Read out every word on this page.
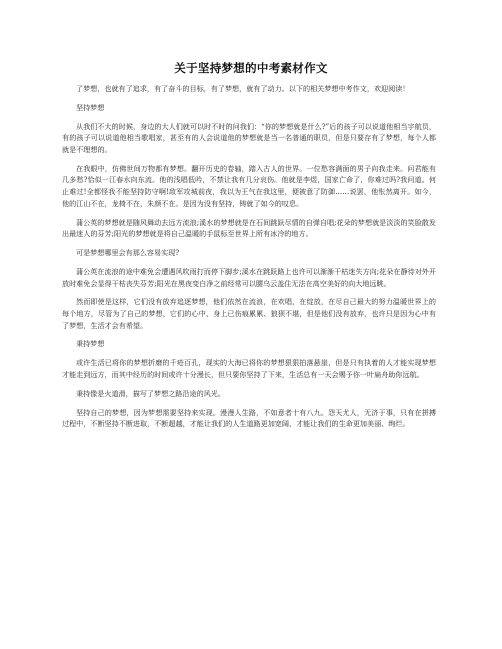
关于坚持梦想的中考素材作文

了梦想，也就有了追求，有了奋斗的目标，有了梦想，就有了动力。以下的相关梦想中考作文，欢迎阅读！

坚持梦想

从我们不大的时候，身边的大人们就可以时不时的问我们：“你的梦想就是什么?”后的孩子可以说道他相当宇航员，有的孩子可以说道他相当歌唱家，甚至有的人会说道他的梦想就是当一名普通的职员，但是只要存有了梦想，每个人都就是不理想的。

在我眼中，仿佛世间万物都有梦想。翻开历史的卷轴，踏入古人的世界。一位愁容满面的男子向我走来。问君能有几多愁?恰似一江春水向东流。他的浅唱低吟，不禁让我有几分哀伤。他就是李煜，国家亡命了，你难过吗?我问道。何止难过!全都怪我不能坚持防守啊!敌军攻城前夜，我以为王气在我这里，便被意了防御……说罢，他怅然离开。如今，他的江山不在，龙椅不在，朱颜不在。是因为没有坚持，铸就了如今的叹息。

蒲公英的梦想就是随风舞动去远方流浪;溪水的梦想就是在石间跳跃尽情的自弹自唱;花朵的梦想就是淡淡的笑脸散发出最迷人的芬芳;阳光的梦想就是将自己温暖的手鼠标至世界上所有冰冷的地方。

可是梦想哪里会有那么容易实现?

蒲公英在流浪的途中难免会遭遇风吹雨打而停下脚步;溪水在跳跃路上也许可以渐渐干枯迷失方向;花朵在静待对外开放时难免会显得干枯丧失芬芳;阳光在黑夜变白净之前经常可以腰乌云盖住无法在高空美好的向大地远眺。

然而即使是这样，它们没有放弃追逐梦想，他们依然在流浪，在欢唱，在绽放，在尽自己最大的努力温暖世界上的每个地方，尽管为了自己的梦想，它们的心中、身上已伤痕累累、狼狈不堪，但是他们没有放弃，也许只是因为心中有了梦想，生活才会有希望。

秉持梦想

或许生活已将你的梦想折磨的千疮百孔，现实的大海已将你的梦想狠狠拍落悬崖，但是只有执着的人才能实现梦想才能走到远方，而其中经历的时间或许十分漫长，但只要你坚持了下来，生活总有一天会赐予你一叶扁舟助你远航。

秉持像是火道滑，描写了梦想之路沿途的风光。

坚持自己的梦想，因为梦想需要坚持来实现。漫漫人生路，不如意者十有八九。怨天尤人，无济于事，只有在拼搏过程中，不断坚持不断进取，不断超越，才能让我们的人生道路更加宽阔，才能让我们的生命更加美丽、绚烂。
